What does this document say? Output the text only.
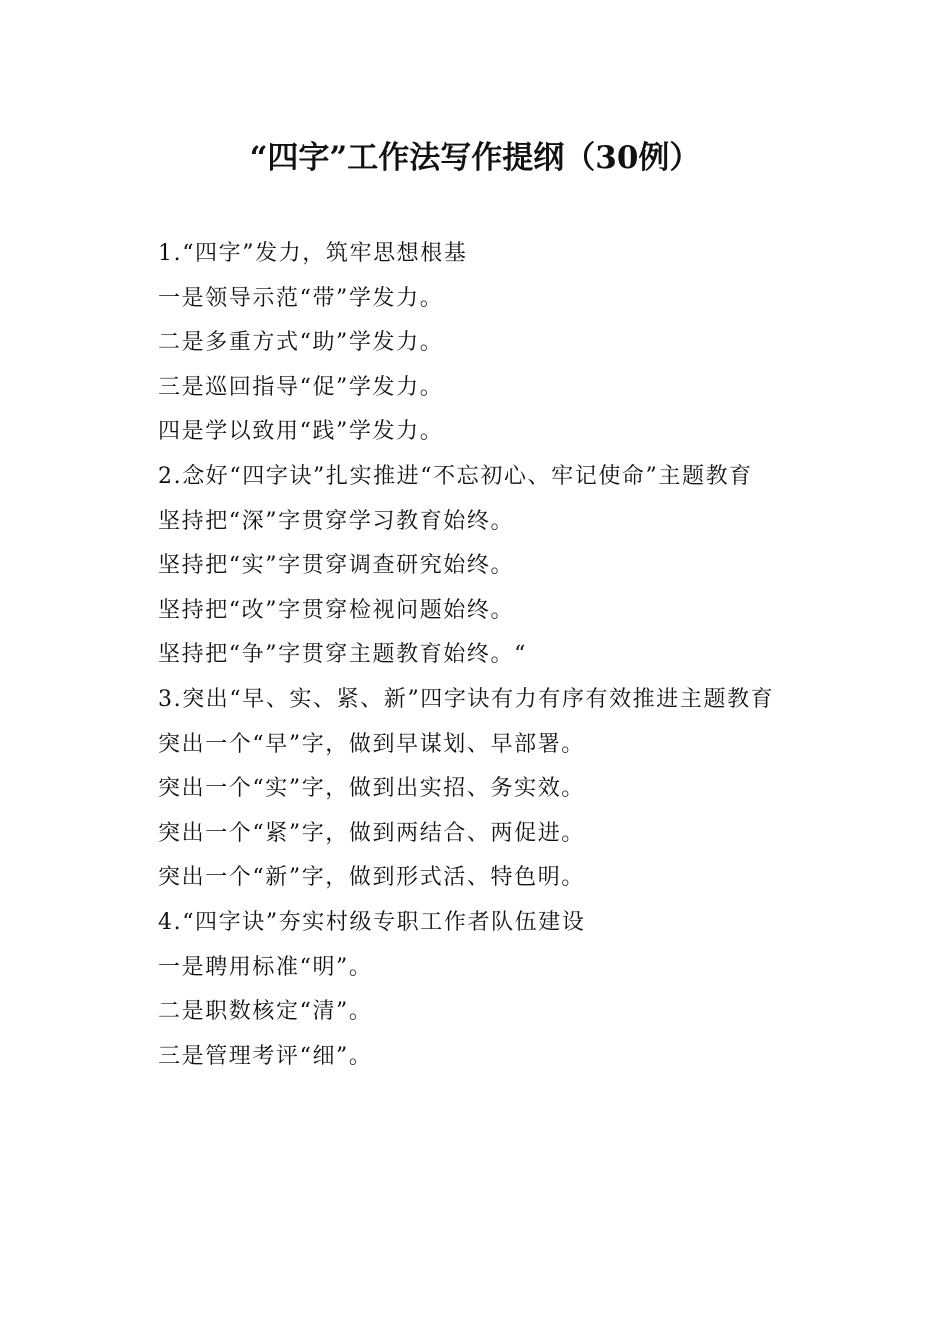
“四字”工作法写作提纲（30例）

1.“四字”发力，筑牢思想根基

一是领导示范“带”学发力。

二是多重方式“助”学发力。

三是巡回指导“促”学发力。

四是学以致用“践”学发力。

2.念好“四字诀”扎实推进“不忘初心、牢记使命”主题教育

坚持把“深”字贯穿学习教育始终。

坚持把“实”字贯穿调查研究始终。

坚持把“改”字贯穿检视问题始终。

坚持把“争”字贯穿主题教育始终。“

3.突出“早、实、紧、新”四字诀有力有序有效推进主题教育

突出一个“早”字，做到早谋划、早部署。

突出一个“实”字，做到出实招、务实效。

突出一个“紧”字，做到两结合、两促进。

突出一个“新”字，做到形式活、特色明。

4.“四字诀”夯实村级专职工作者队伍建设

一是聘用标准“明”。

二是职数核定“清”。

三是管理考评“细”。
